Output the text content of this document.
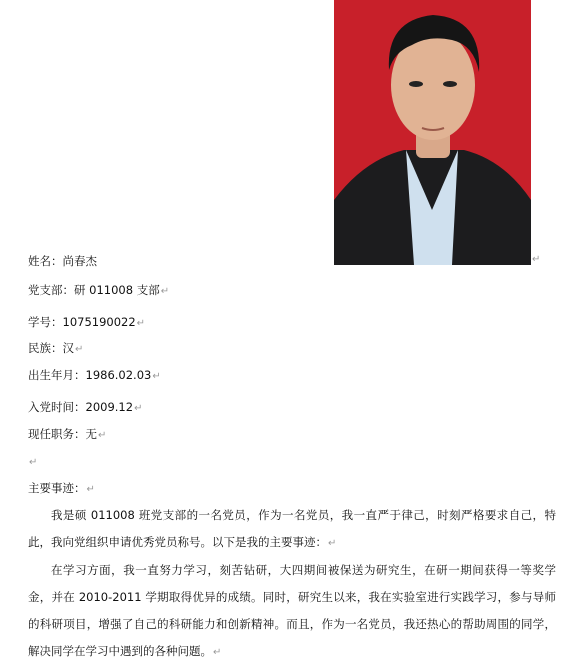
↵
姓名：尚春杰
党支部：研 011008 支部↵
学号：1075190022↵
民族：汉↵
出生年月：1986.02.03↵
入党时间：2009.12↵
现任职务：无↵
↵
主要事迹：↵

我是硕 011008 班党支部的一名党员，作为一名党员，我一直严于律己，时刻严格要求自己，特此，我向党组织申请优秀党员称号。以下是我的主要事迹：↵

在学习方面，我一直努力学习，刻苦钻研，大四期间被保送为研究生，在研一期间获得一等奖学金，并在 2010-2011 学期取得优异的成绩。同时，研究生以来，我在实验室进行实践学习，参与导师的科研项目，增强了自己的科研能力和创新精神。而且，作为一名党员，我还热心的帮助周围的同学，解决同学在学习中遇到的各种问题。↵
